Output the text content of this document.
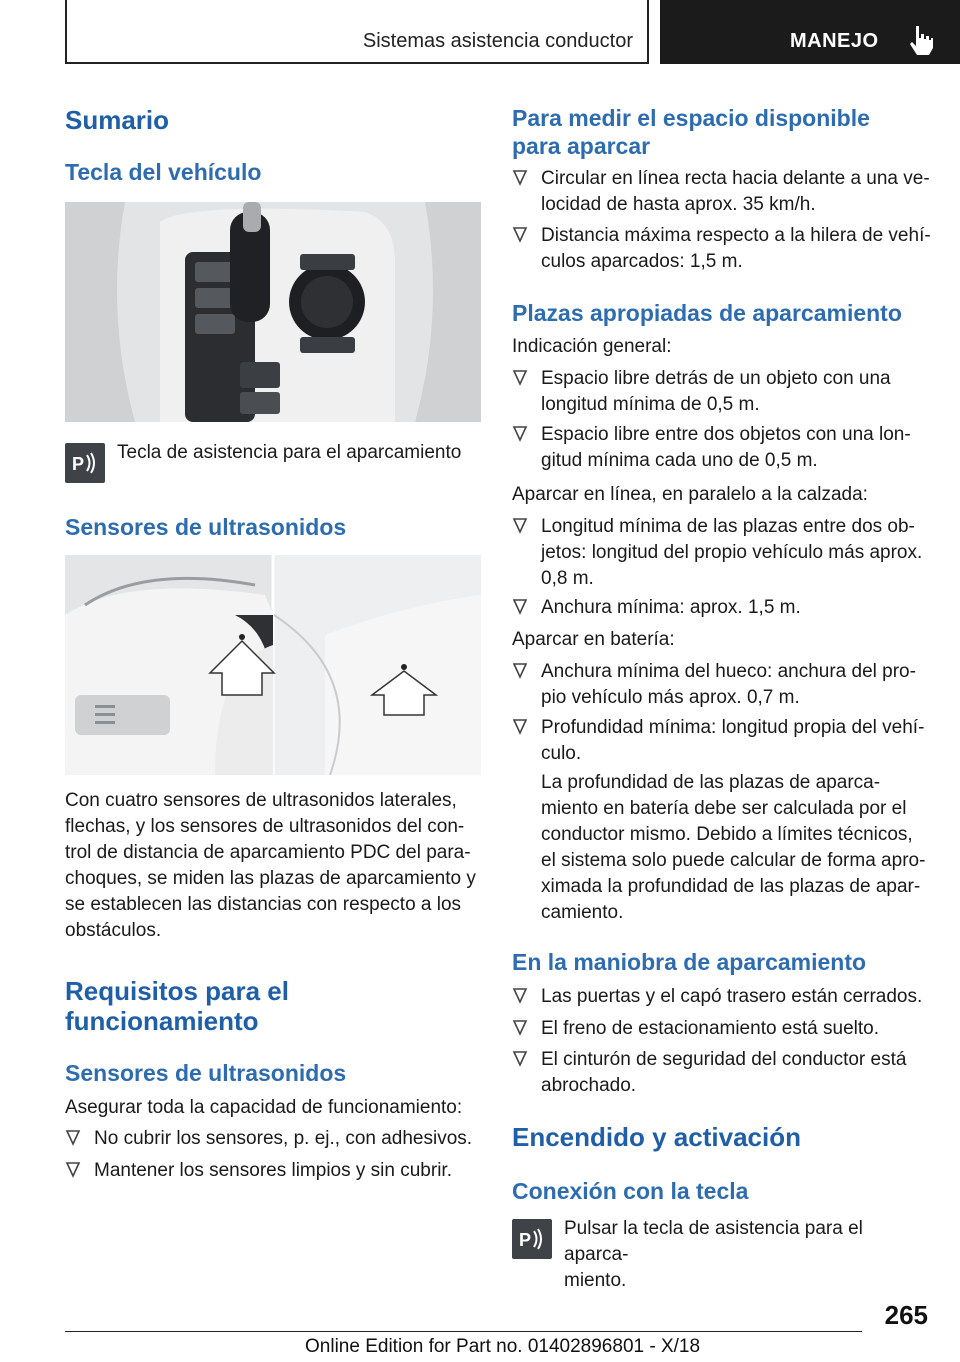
Sistemas asistencia conductor	MANEJO
Sumario
Tecla del vehículo
P
Tecla de asistencia para el aparcamiento
Sensores de ultrasonidos
Con cuatro sensores de ultrasonidos laterales,
flechas, y los sensores de ultrasonidos del con-
trol de distancia de aparcamiento PDC del para-
choques, se miden las plazas de aparcamiento y
se establecen las distancias con respecto a los
obstáculos.
Requisitos para el
funcionamiento
Sensores de ultrasonidos
Asegurar toda la capacidad de funcionamiento:
No cubrir los sensores, p. ej., con adhesivos.
Mantener los sensores limpios y sin cubrir.
Para medir el espacio disponible
para aparcar
Circular en línea recta hacia delante a una ve-
locidad de hasta aprox. 35 km/h.
Distancia máxima respecto a la hilera de vehí-
culos aparcados: 1,5 m.
Plazas apropiadas de aparcamiento
Indicación general:
Espacio libre detrás de un objeto con una
longitud mínima de 0,5 m.
Espacio libre entre dos objetos con una lon-
gitud mínima cada uno de 0,5 m.
Aparcar en línea, en paralelo a la calzada:
Longitud mínima de las plazas entre dos ob-
jetos: longitud del propio vehículo más aprox.
0,8 m.
Anchura mínima: aprox. 1,5 m.
Aparcar en batería:
Anchura mínima del hueco: anchura del pro-
pio vehículo más aprox. 0,7 m.
Profundidad mínima: longitud propia del vehí-
culo.
La profundidad de las plazas de aparca-
miento en batería debe ser calculada por el
conductor mismo. Debido a límites técnicos,
el sistema solo puede calcular de forma apro-
ximada la profundidad de las plazas de apar-
camiento.
En la maniobra de aparcamiento
Las puertas y el capó trasero están cerrados.
El freno de estacionamiento está suelto.
El cinturón de seguridad del conductor está
abrochado.
Encendido y activación
Conexión con la tecla
P
Pulsar la tecla de asistencia para el aparca-
miento.
265
Online Edition for Part no. 01402896801 - X/18
